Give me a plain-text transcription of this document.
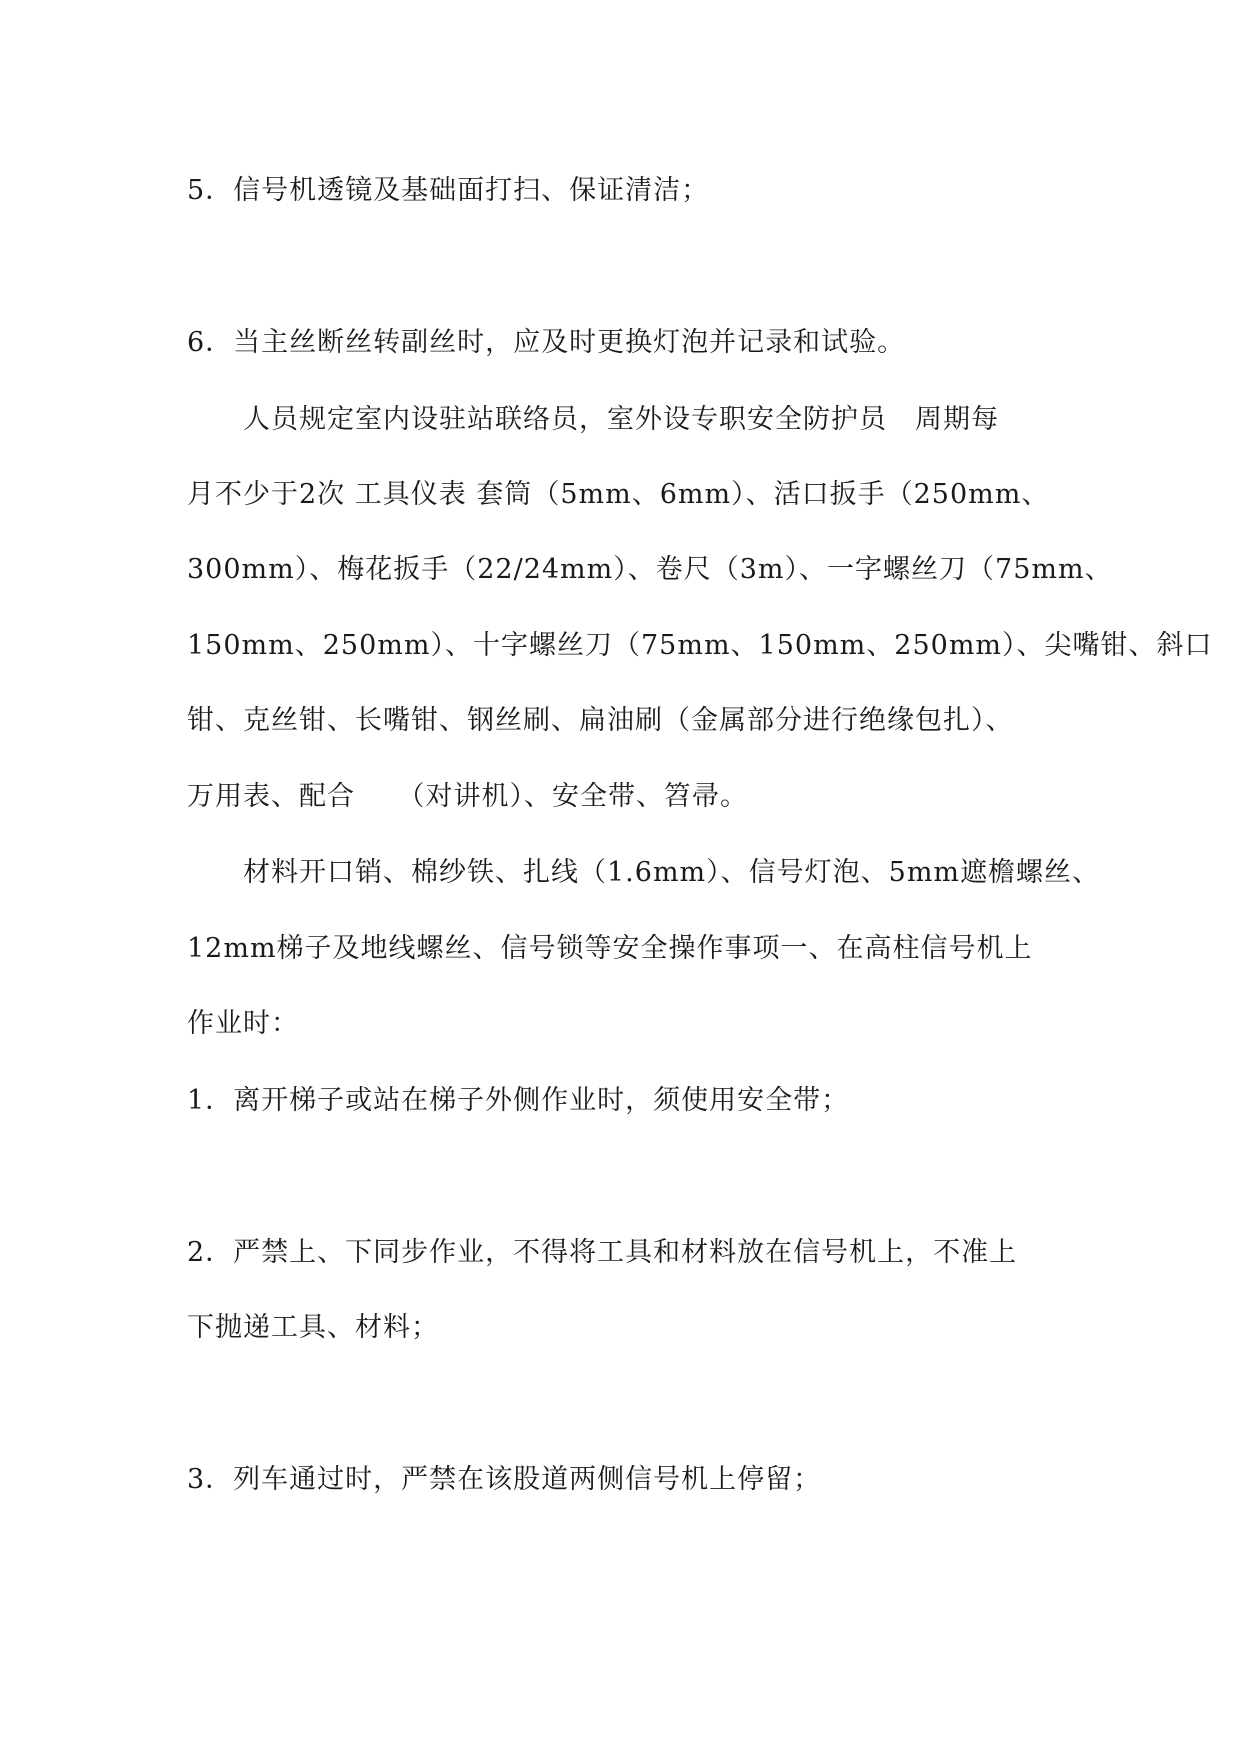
5．信号机透镜及基础面打扫、保证清洁；
6．当主丝断丝转副丝时，应及时更换灯泡并记录和试验。
人员规定室内设驻站联络员，室外设专职安全防护员　周期每
月不少于2次 工具仪表 套筒（5mm、6mm）、活口扳手（250mm、
300mm）、梅花扳手（22/24mm）、卷尺（3m）、一字螺丝刀（75mm、
150mm、250mm）、十字螺丝刀（75mm、150mm、250mm）、尖嘴钳、斜口
钳、克丝钳、长嘴钳、钢丝刷、扁油刷（金属部分进行绝缘包扎）、
万用表、配合　　（对讲机）、安全带、笤帚。
材料开口销、棉纱铁、扎线（1.6mm）、信号灯泡、5mm遮檐螺丝、
12mm梯子及地线螺丝、信号锁等安全操作事项一、在高柱信号机上
作业时：
1．离开梯子或站在梯子外侧作业时，须使用安全带；
2．严禁上、下同步作业，不得将工具和材料放在信号机上，不准上
下抛递工具、材料；
3．列车通过时，严禁在该股道两侧信号机上停留；
